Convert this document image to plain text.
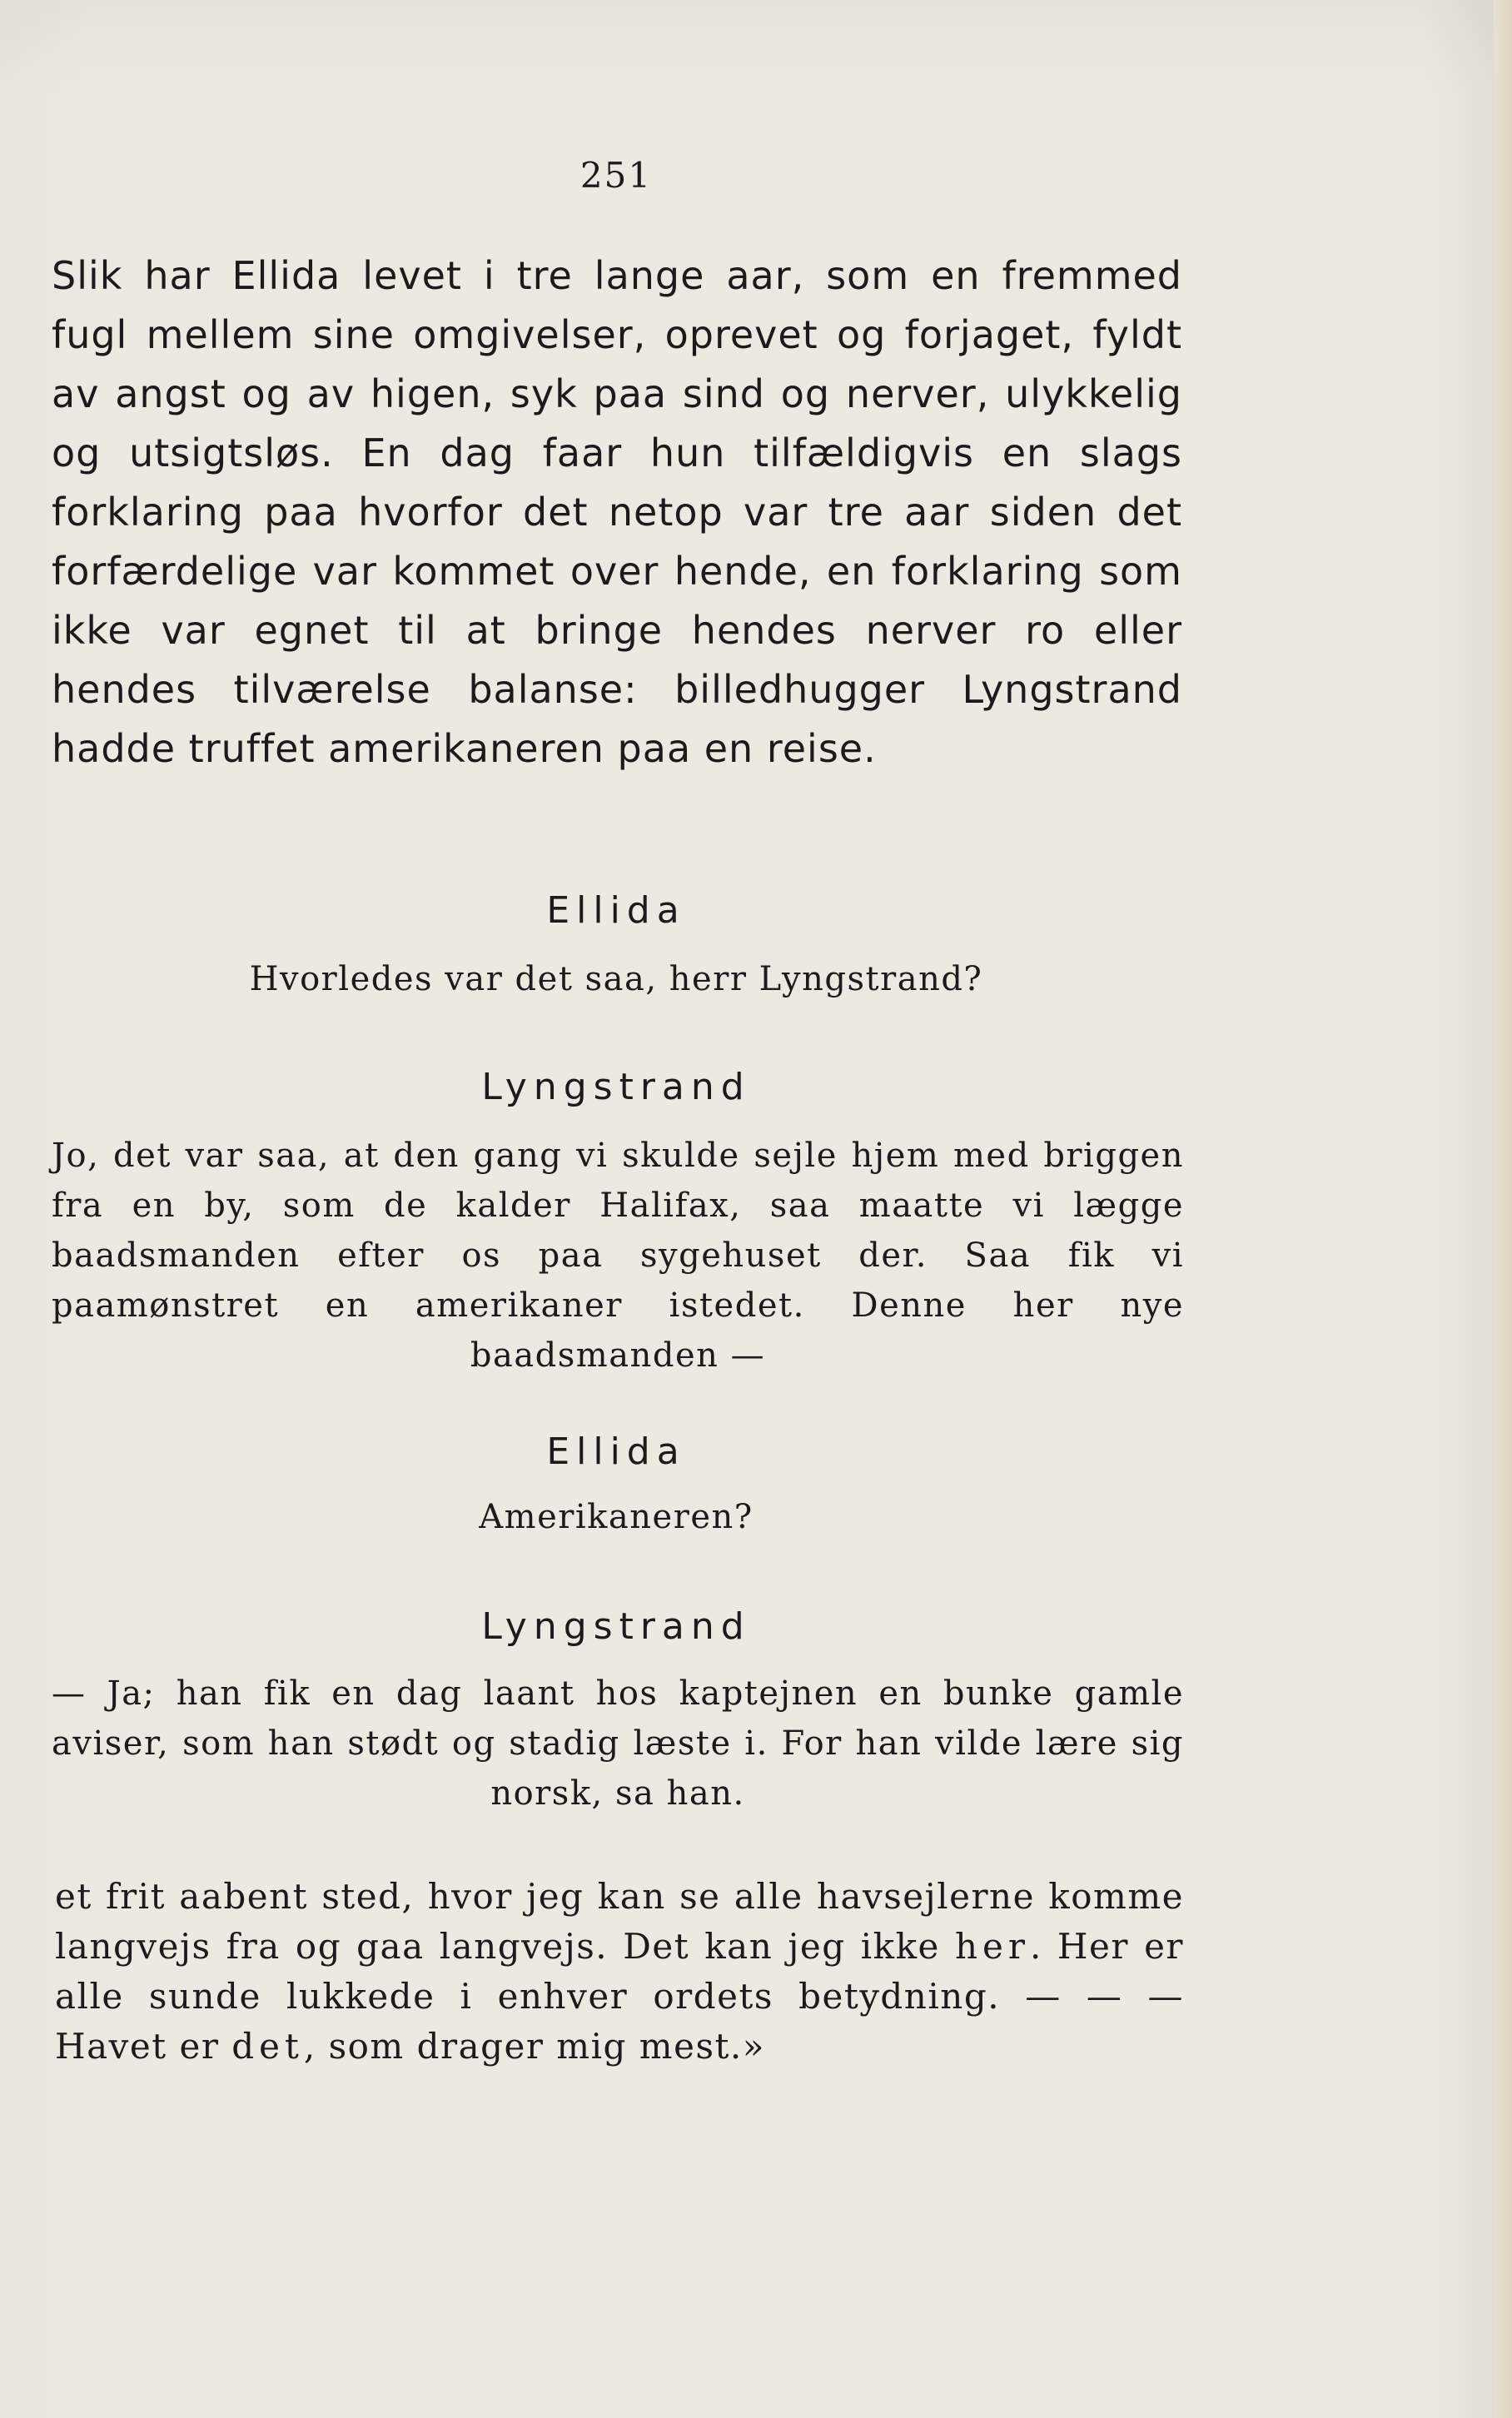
251
Slik har Ellida levet i tre lange aar, som en fremmed fugl mellem sine omgivelser, oprevet og forjaget, fyldt av angst og av higen, syk paa sind og nerver, ulykkelig og utsigtsløs. En dag faar hun tilfældigvis en slags forklaring paa hvorfor det netop var tre aar siden det forfærdelige var kommet over hende, en forklaring som ikke var egnet til at bringe hendes nerver ro eller hendes tilværelse balanse: billedhugger Lyngstrand hadde truffet amerikaneren paa en reise.
Ellida
Hvorledes var det saa, herr Lyngstrand?
Lyngstrand
Jo, det var saa, at den gang vi skulde sejle hjem med briggen fra en by, som de kalder Halifax, saa maatte vi lægge baadsmanden efter os paa sygehuset der. Saa fik vi paamønstret en amerikaner istedet. Denne her nye baadsmanden —
Ellida
Amerikaneren?
Lyngstrand
— Ja; han fik en dag laant hos kaptejnen en bunke gamle aviser, som han stødt og stadig læste i. For han vilde lære sig norsk, sa han.
et frit aabent sted, hvor jeg kan se alle havsejlerne komme langvejs fra og gaa langvejs. Det kan jeg ikke her. Her er alle sunde lukkede i enhver ordets betydning. — — — Havet er det, som drager mig mest.»
